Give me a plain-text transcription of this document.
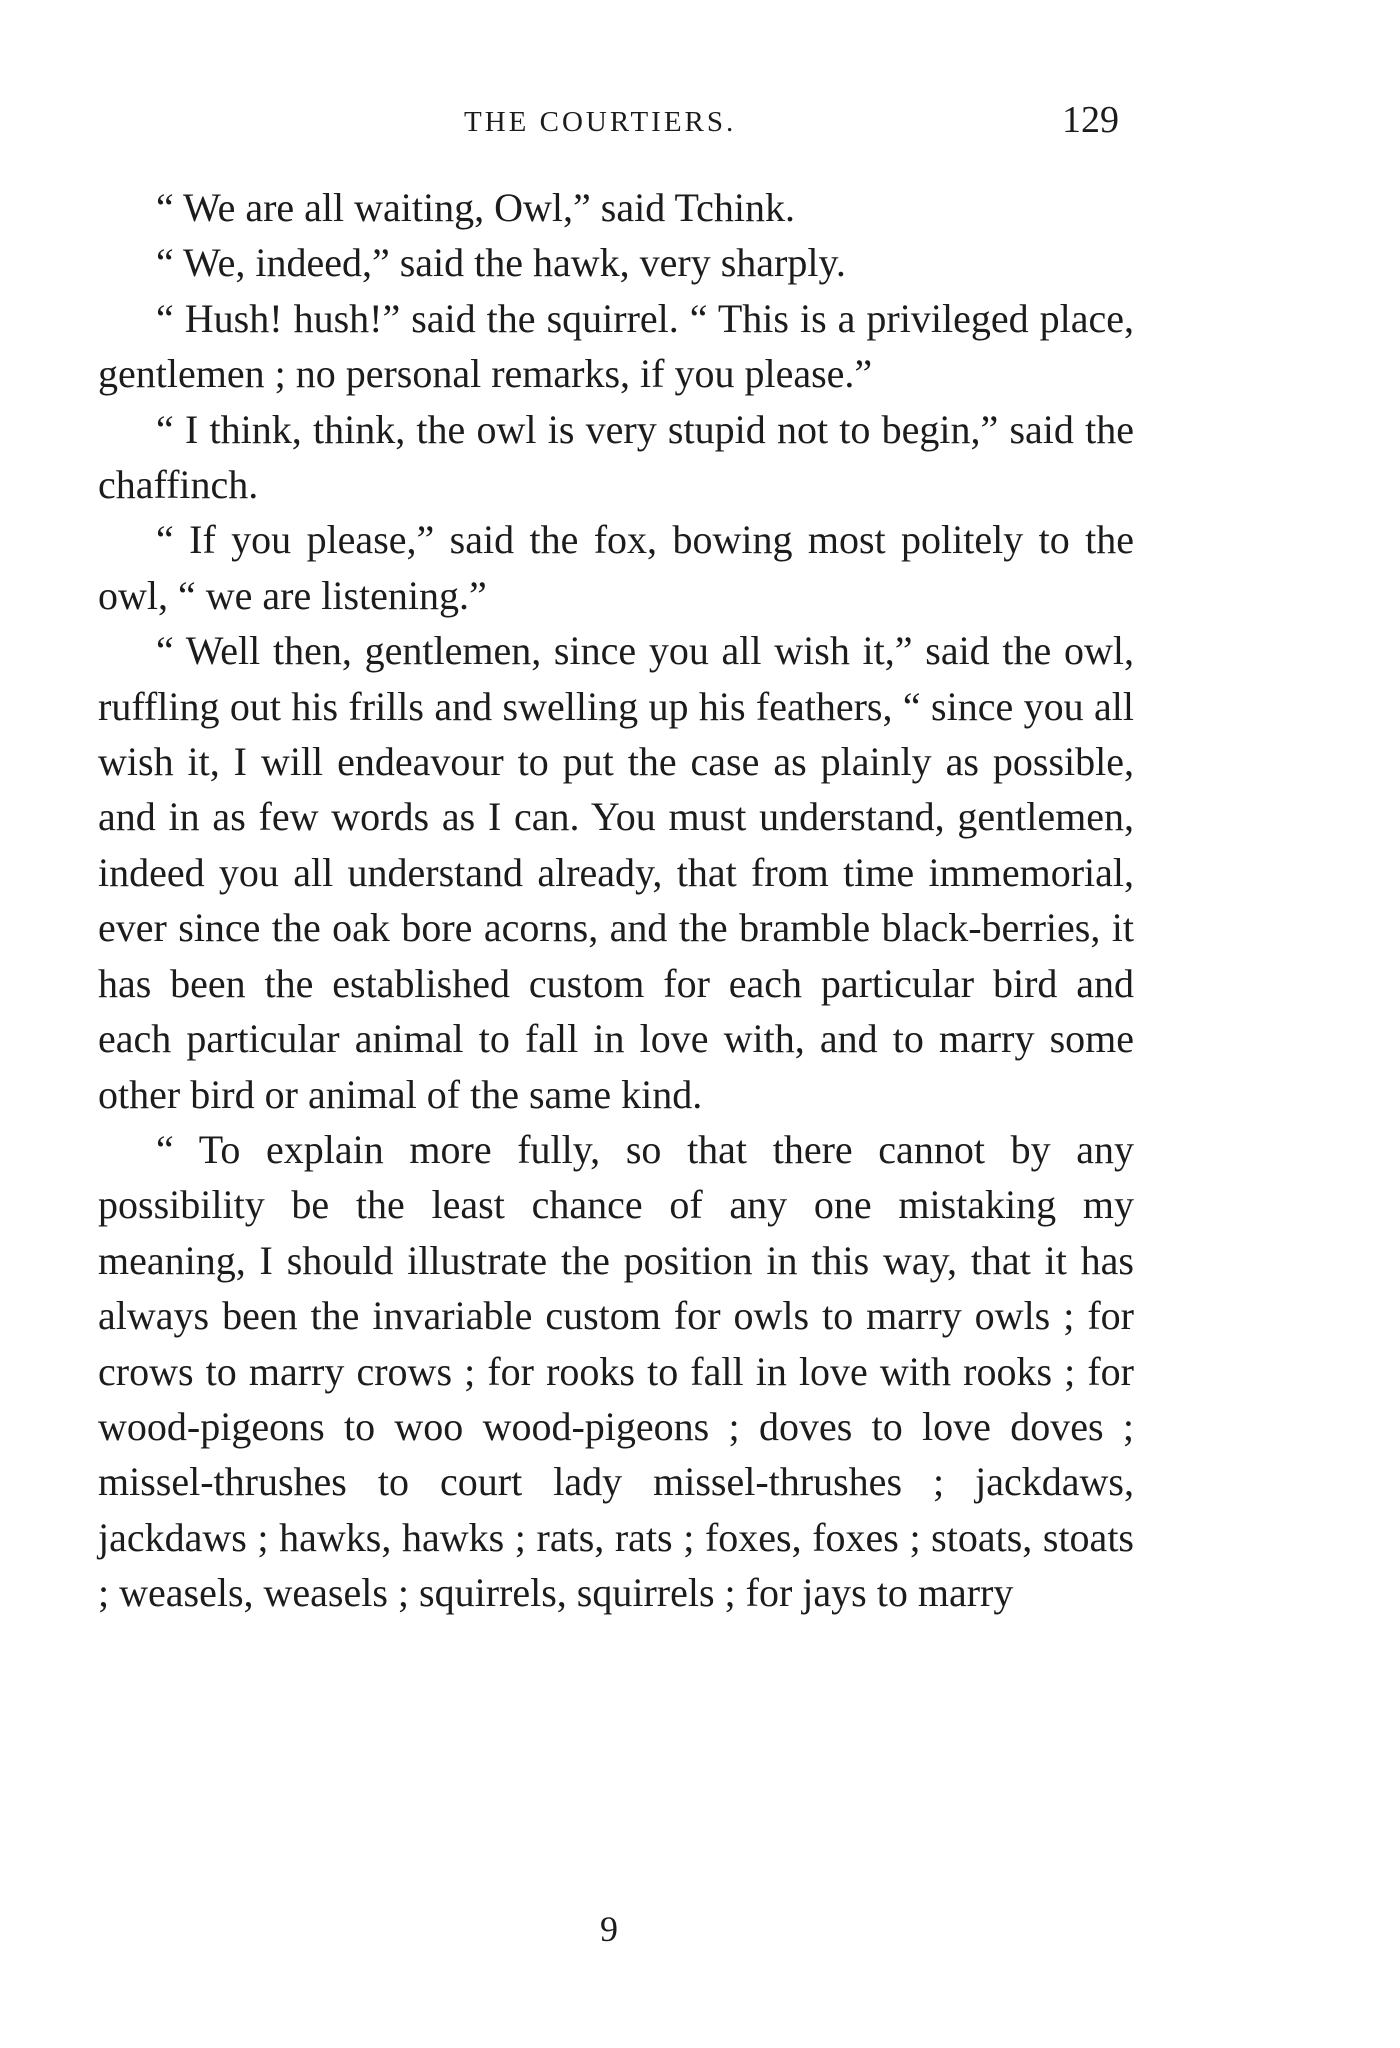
THE COURTIERS.	129

“ We are all waiting, Owl,” said Tchink.

“ We, indeed,” said the hawk, very sharply.

“ Hush! hush!” said the squirrel. “ This is a privileged place, gentlemen ; no personal remarks, if you please.”

“ I think, think, the owl is very stupid not to begin,” said the chaffinch.

“ If you please,” said the fox, bowing most politely to the owl, “ we are listening.”

“ Well then, gentlemen, since you all wish it,” said the owl, ruffling out his frills and swelling up his feathers, “ since you all wish it, I will endeavour to put the case as plainly as possible, and in as few words as I can. You must understand, gentlemen, indeed you all understand already, that from time immemorial, ever since the oak bore acorns, and the bramble black-berries, it has been the established custom for each particular bird and each particular animal to fall in love with, and to marry some other bird or animal of the same kind.

“ To explain more fully, so that there cannot by any possibility be the least chance of any one mistaking my meaning, I should illustrate the position in this way, that it has always been the invariable custom for owls to marry owls ; for crows to marry crows ; for rooks to fall in love with rooks ; for wood-pigeons to woo wood-pigeons ; doves to love doves ; missel-thrushes to court lady missel-thrushes ; jackdaws, jackdaws ; hawks, hawks ; rats, rats ; foxes, foxes ; stoats, stoats ; weasels, weasels ; squirrels, squirrels ; for jays to marry

9
